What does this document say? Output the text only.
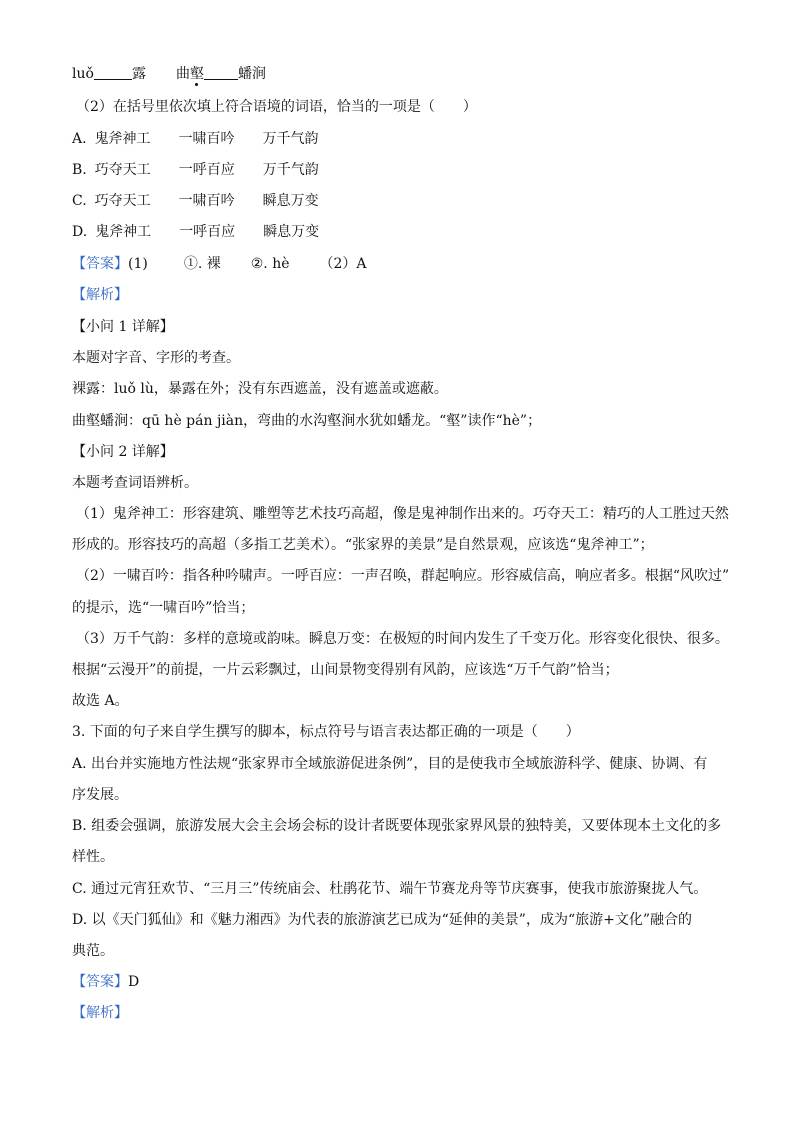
luǒ	露 曲壑 蟠涧
（2）在括号里依次填上符合语境的词语，恰当的一项是（　　）
A. 鬼斧神工 一啸百吟 万千气韵
B. 巧夺天工 一呼百应 万千气韵
C. 巧夺天工 一啸百吟 瞬息万变
D. 鬼斧神工 一呼百应 瞬息万变
【答案】(1)	①. 裸 ②. hè （2）A
【解析】
【小问 1 详解】
本题对字音、字形的考查。
裸露：luǒ lù，暴露在外；没有东西遮盖，没有遮盖或遮蔽。
曲壑蟠涧：qū hè pán jiàn，弯曲的水沟壑涧水犹如蟠龙。“壑”读作“hè”；
【小问 2 详解】
本题考查词语辨析。
（1）鬼斧神工：形容建筑、雕塑等艺术技巧高超，像是鬼神制作出来的。巧夺天工：精巧的人工胜过天然
形成的。形容技巧的高超（多指工艺美术）。“张家界的美景”是自然景观，应该选“鬼斧神工”；
（2）一啸百吟：指各种吟啸声。一呼百应：一声召唤，群起响应。形容威信高，响应者多。根据“风吹过”
的提示，选“一啸百吟”恰当；
（3）万千气韵：多样的意境或韵味。瞬息万变：在极短的时间内发生了千变万化。形容变化很快、很多。
根据“云漫开”的前提，一片云彩飘过，山间景物变得别有风韵，应该选“万千气韵”恰当；
故选 A。
3. 下面的句子来自学生撰写的脚本，标点符号与语言表达都正确的一项是（　　）
A. 出台并实施地方性法规“张家界市全域旅游促进条例”，目的是使我市全域旅游科学、健康、协调、有
序发展。
B. 组委会强调，旅游发展大会主会场会标的设计者既要体现张家界风景的独特美，又要体现本土文化的多
样性。
C. 通过元宵狂欢节、“三月三”传统庙会、杜鹃花节、端午节赛龙舟等节庆赛事，使我市旅游聚拢人气。
D. 以《天门狐仙》和《魅力湘西》为代表的旅游演艺已成为“延伸的美景”，成为“旅游+文化”融合的
典范。
【答案】D
【解析】
